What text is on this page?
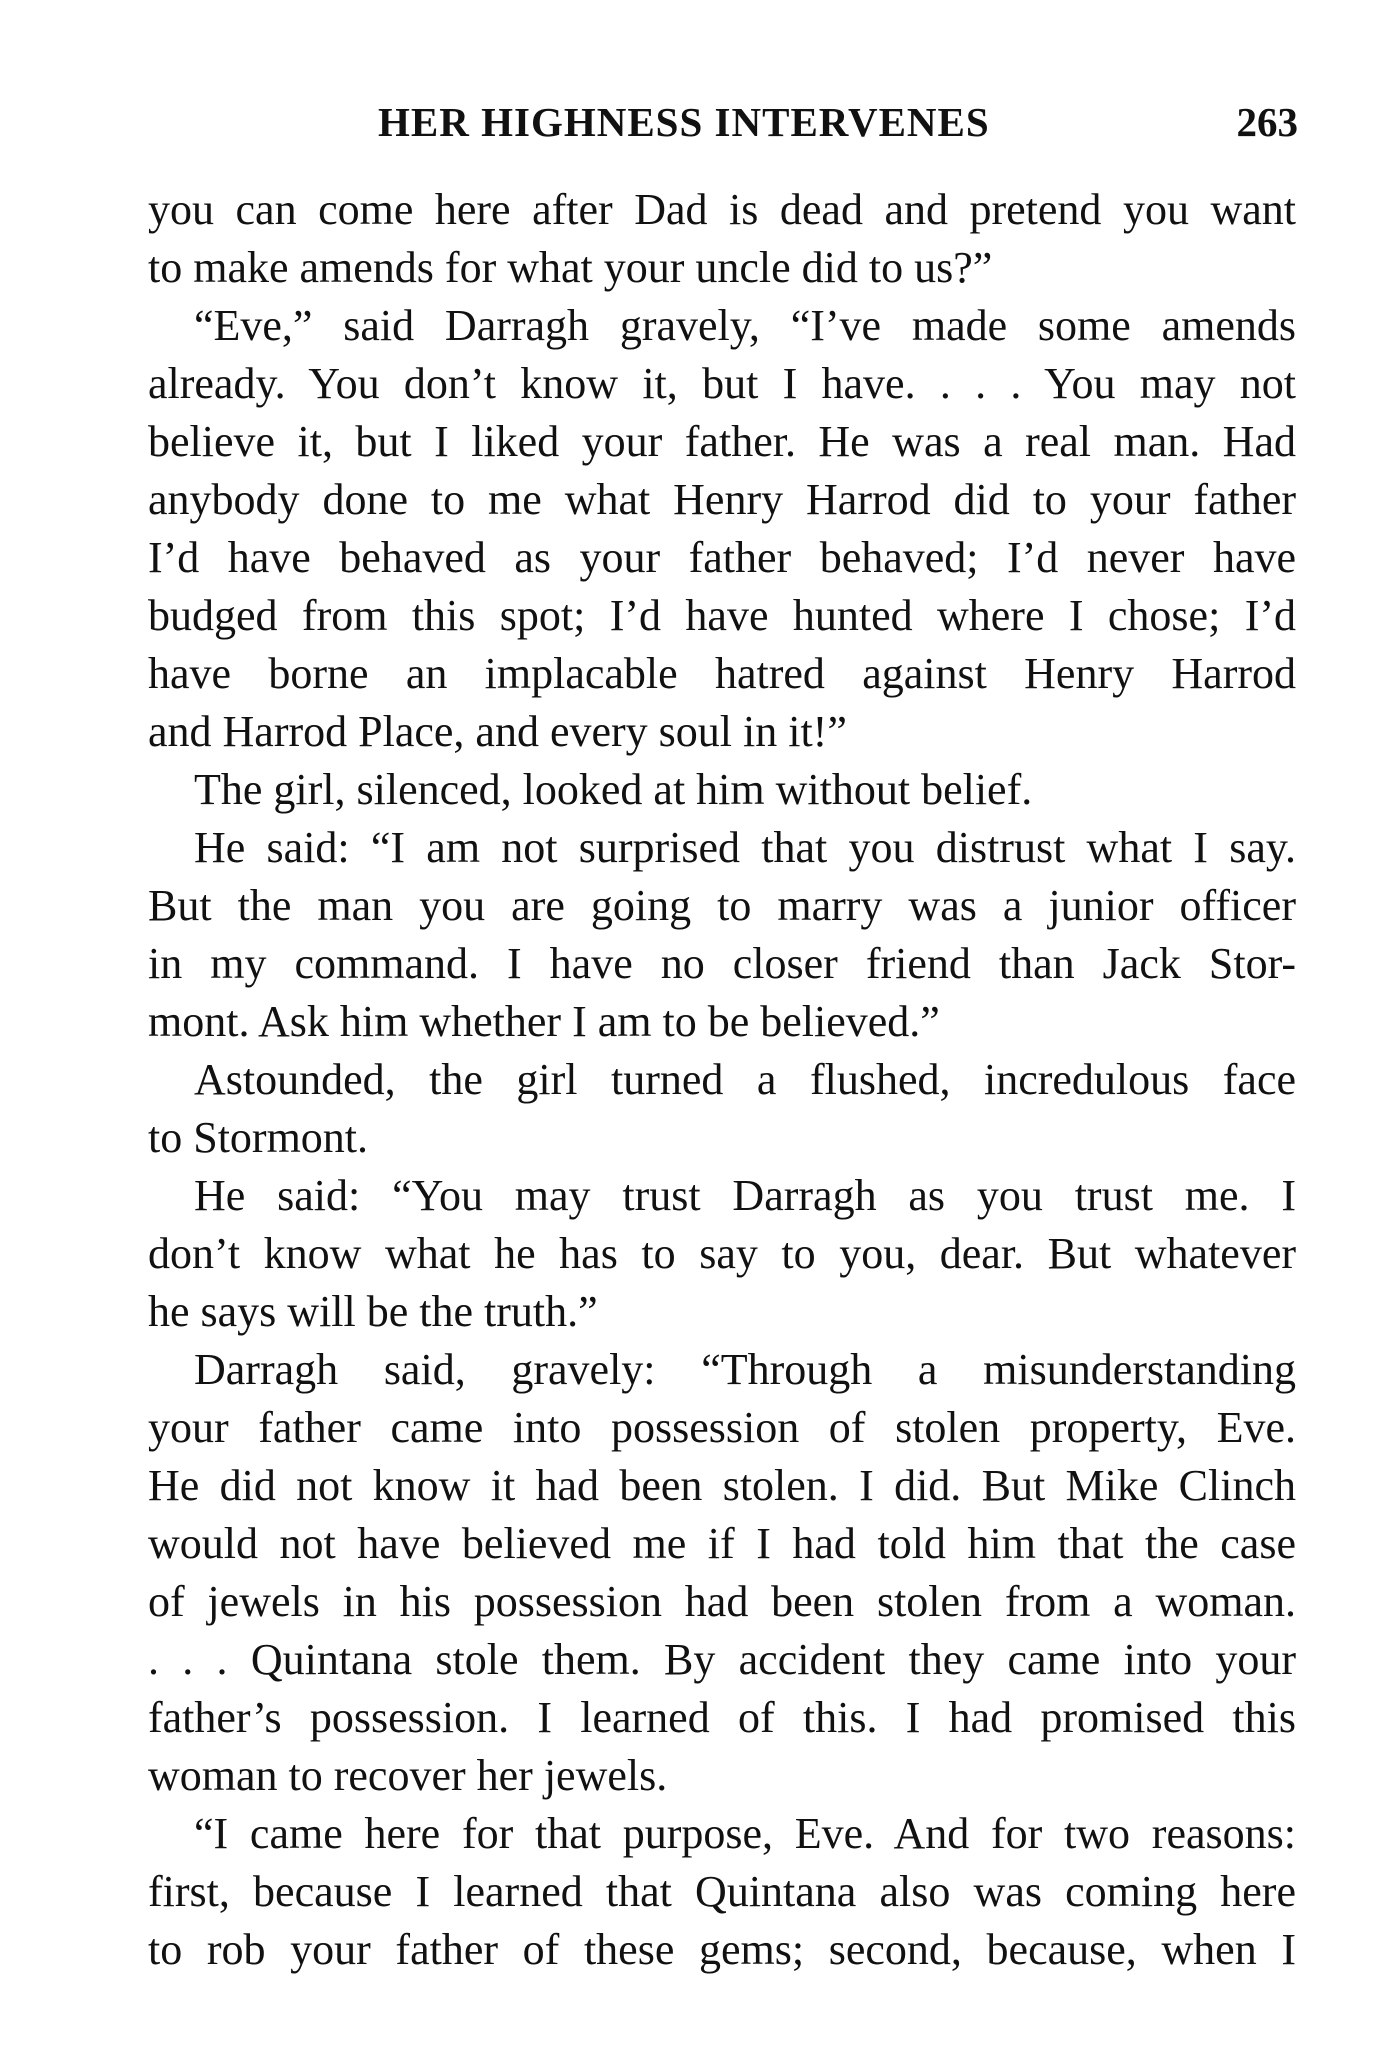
HER HIGHNESS INTERVENES	263
you can come here after Dad is dead and pretend you want
to make amends for what your uncle did to us?”
“Eve,” said Darragh gravely, “I’ve made some amends
already. You don’t know it, but I have. . . . You may not
believe it, but I liked your father. He was a real man. Had
anybody done to me what Henry Harrod did to your father
I’d have behaved as your father behaved; I’d never have
budged from this spot; I’d have hunted where I chose; I’d
have borne an implacable hatred against Henry Harrod
and Harrod Place, and every soul in it!”
The girl, silenced, looked at him without belief.
He said: “I am not surprised that you distrust what I say.
But the man you are going to marry was a junior officer
in my command. I have no closer friend than Jack Stor-
mont. Ask him whether I am to be believed.”
Astounded, the girl turned a flushed, incredulous face
to Stormont.
He said: “You may trust Darragh as you trust me. I
don’t know what he has to say to you, dear. But whatever
he says will be the truth.”
Darragh said, gravely: “Through a misunderstanding
your father came into possession of stolen property, Eve.
He did not know it had been stolen. I did. But Mike Clinch
would not have believed me if I had told him that the case
of jewels in his possession had been stolen from a woman.
. . . Quintana stole them. By accident they came into your
father’s possession. I learned of this. I had promised this
woman to recover her jewels.
“I came here for that purpose, Eve. And for two reasons:
first, because I learned that Quintana also was coming here
to rob your father of these gems; second, because, when I
